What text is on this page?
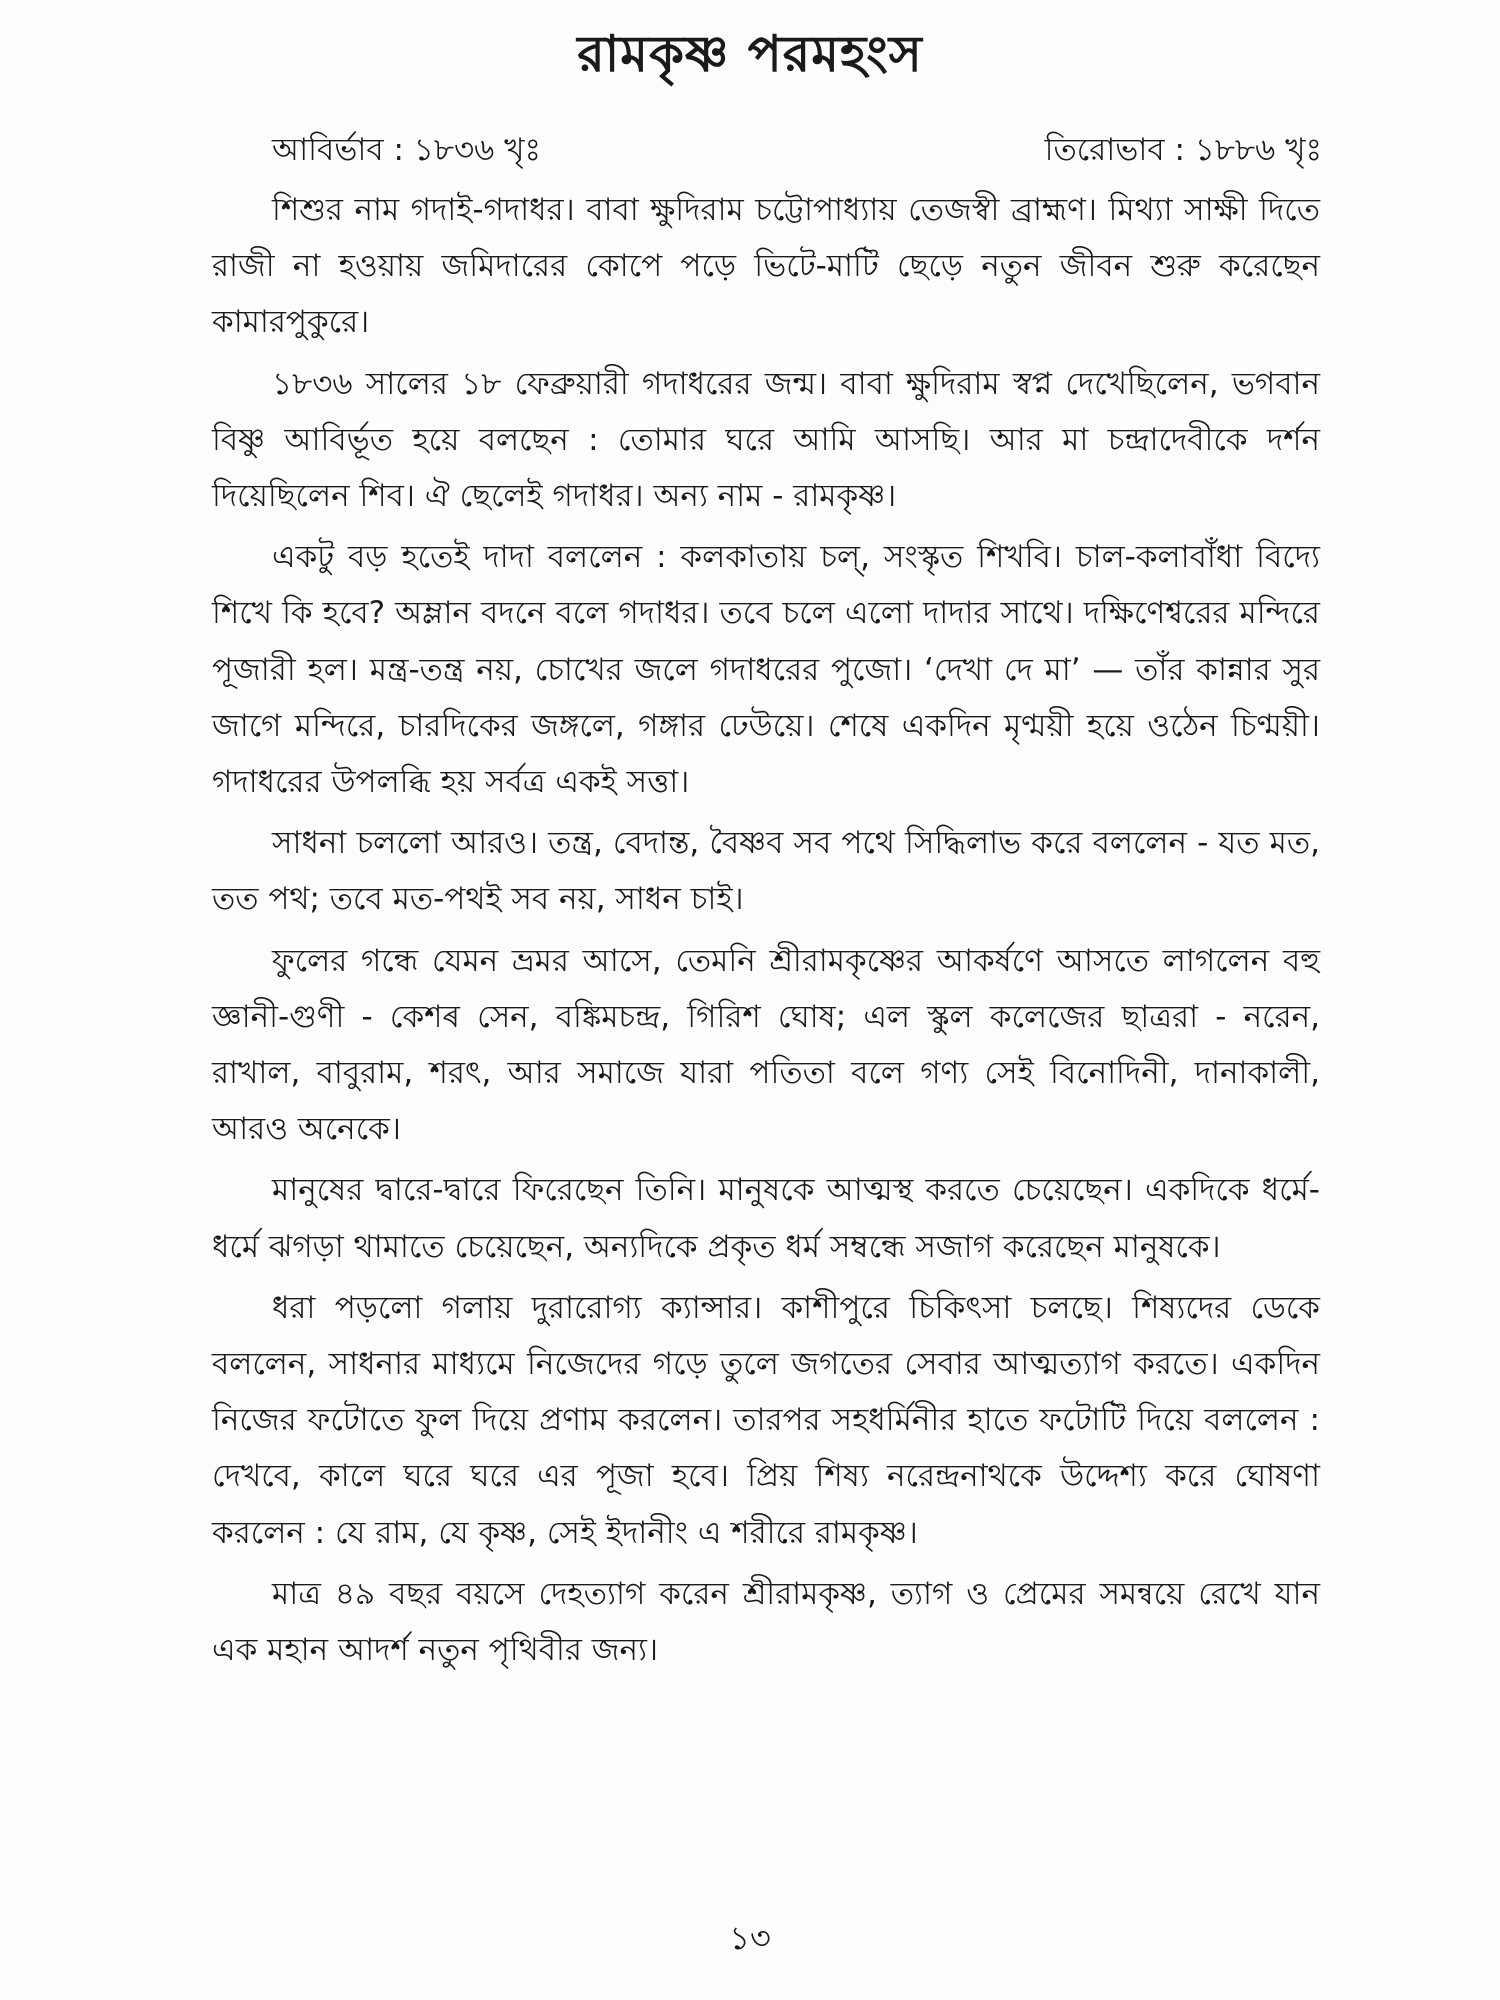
রামকৃষ্ণ পরমহংস
আবির্ভাব : ১৮৩৬ খৃঃ	তিরোভাব : ১৮৮৬ খৃঃ

শিশুর নাম গদাই-গদাধর। বাবা ক্ষুদিরাম চট্টোপাধ্যায় তেজস্বী ব্রাহ্মণ। মিথ্যা সাক্ষী দিতে রাজী না হওয়ায় জমিদারের কোপে পড়ে ভিটে-মাটি ছেড়ে নতুন জীবন শুরু করেছেন কামারপুকুরে।

১৮৩৬ সালের ১৮ ফেব্রুয়ারী গদাধরের জন্ম। বাবা ক্ষুদিরাম স্বপ্ন দেখেছিলেন, ভগবান বিষ্ণু আবির্ভূত হয়ে বলছেন : তোমার ঘরে আমি আসছি। আর মা চন্দ্রাদেবীকে দর্শন দিয়েছিলেন শিব। ঐ ছেলেই গদাধর। অন্য নাম - রামকৃষ্ণ।

একটু বড় হতেই দাদা বললেন : কলকাতায় চল্, সংস্কৃত শিখবি। চাল-কলাবাঁধা বিদ্যে শিখে কি হবে? অম্লান বদনে বলে গদাধর। তবে চলে এলো দাদার সাথে। দক্ষিণেশ্বরের মন্দিরে পূজারী হল। মন্ত্র-তন্ত্র নয়, চোখের জলে গদাধরের পুজো। ‘দেখা দে মা’ — তাঁর কান্নার সুর জাগে মন্দিরে, চারদিকের জঙ্গলে, গঙ্গার ঢেউয়ে। শেষে একদিন মৃণ্ময়ী হয়ে ওঠেন চিণ্ময়ী। গদাধরের উপলব্ধি হয় সর্বত্র একই সত্তা।

সাধনা চললো আরও। তন্ত্র, বেদান্ত, বৈষ্ণব সব পথে সিদ্ধিলাভ করে বললেন - যত মত, তত পথ; তবে মত-পথই সব নয়, সাধন চাই।

ফুলের গন্ধে যেমন ভ্রমর আসে, তেমনি শ্রীরামকৃষ্ণের আকর্ষণে আসতে লাগলেন বহু জ্ঞানী-গুণী - কেশৰ সেন, বঙ্কিমচন্দ্র, গিরিশ ঘোষ; এল স্কুল কলেজের ছাত্ররা - নরেন, রাখাল, বাবুরাম, শরৎ, আর সমাজে যারা পতিতা বলে গণ্য সেই বিনোদিনী, দানাকালী, আরও অনেকে।

মানুষের দ্বারে-দ্বারে ফিরেছেন তিনি। মানুষকে আত্মস্থ করতে চেয়েছেন। একদিকে ধর্মে- ধর্মে ঝগড়া থামাতে চেয়েছেন, অন্যদিকে প্রকৃত ধর্ম সম্বন্ধে সজাগ করেছেন মানুষকে।

ধরা পড়লো গলায় দুরারোগ্য ক্যান্সার। কাশীপুরে চিকিৎসা চলছে। শিষ্যদের ডেকে বললেন, সাধনার মাধ্যমে নিজেদের গড়ে তুলে জগতের সেবার আত্মত্যাগ করতে। একদিন নিজের ফটোতে ফুল দিয়ে প্রণাম করলেন। তারপর সহধর্মিনীর হাতে ফটোটি দিয়ে বললেন : দেখবে, কালে ঘরে ঘরে এর পূজা হবে। প্রিয় শিষ্য নরেন্দ্রনাথকে উদ্দেশ্য করে ঘোষণা করলেন : যে রাম, যে কৃষ্ণ, সেই ইদানীং এ শরীরে রামকৃষ্ণ।

মাত্র ৪৯ বছর বয়সে দেহত্যাগ করেন শ্রীরামকৃষ্ণ, ত্যাগ ও প্রেমের সমন্বয়ে রেখে যান এক মহান আদর্শ নতুন পৃথিবীর জন্য।

১৩
